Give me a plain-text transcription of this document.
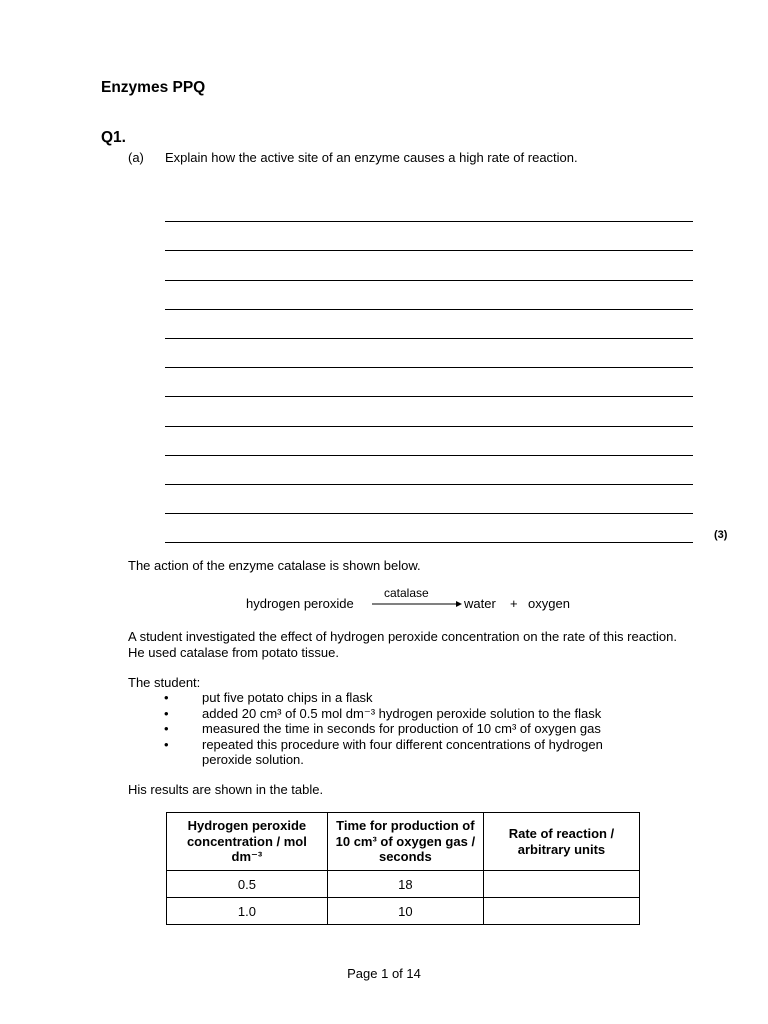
Enzymes PPQ
Q1.
(a) Explain how the active site of an enzyme causes a high rate of reaction.
(3)
The action of the enzyme catalase is shown below.
hydrogen peroxide
catalase
water + oxygen
A student investigated the effect of hydrogen peroxide concentration on the rate of this reaction. He used catalase from potato tissue.
The student:
•	put five potato chips in a flask
•	added 20 cm³ of 0.5 mol dm⁻³ hydrogen peroxide solution to the flask
•	measured the time in seconds for production of 10 cm³ of oxygen gas
•	repeated this procedure with four different concentrations of hydrogen peroxide solution.
His results are shown in the table.
Hydrogen peroxide concentration / mol dm⁻³	Time for production of 10 cm³ of oxygen gas / seconds	Rate of reaction / arbitrary units
0.5	18	
1.0	10	
Page 1 of 14
